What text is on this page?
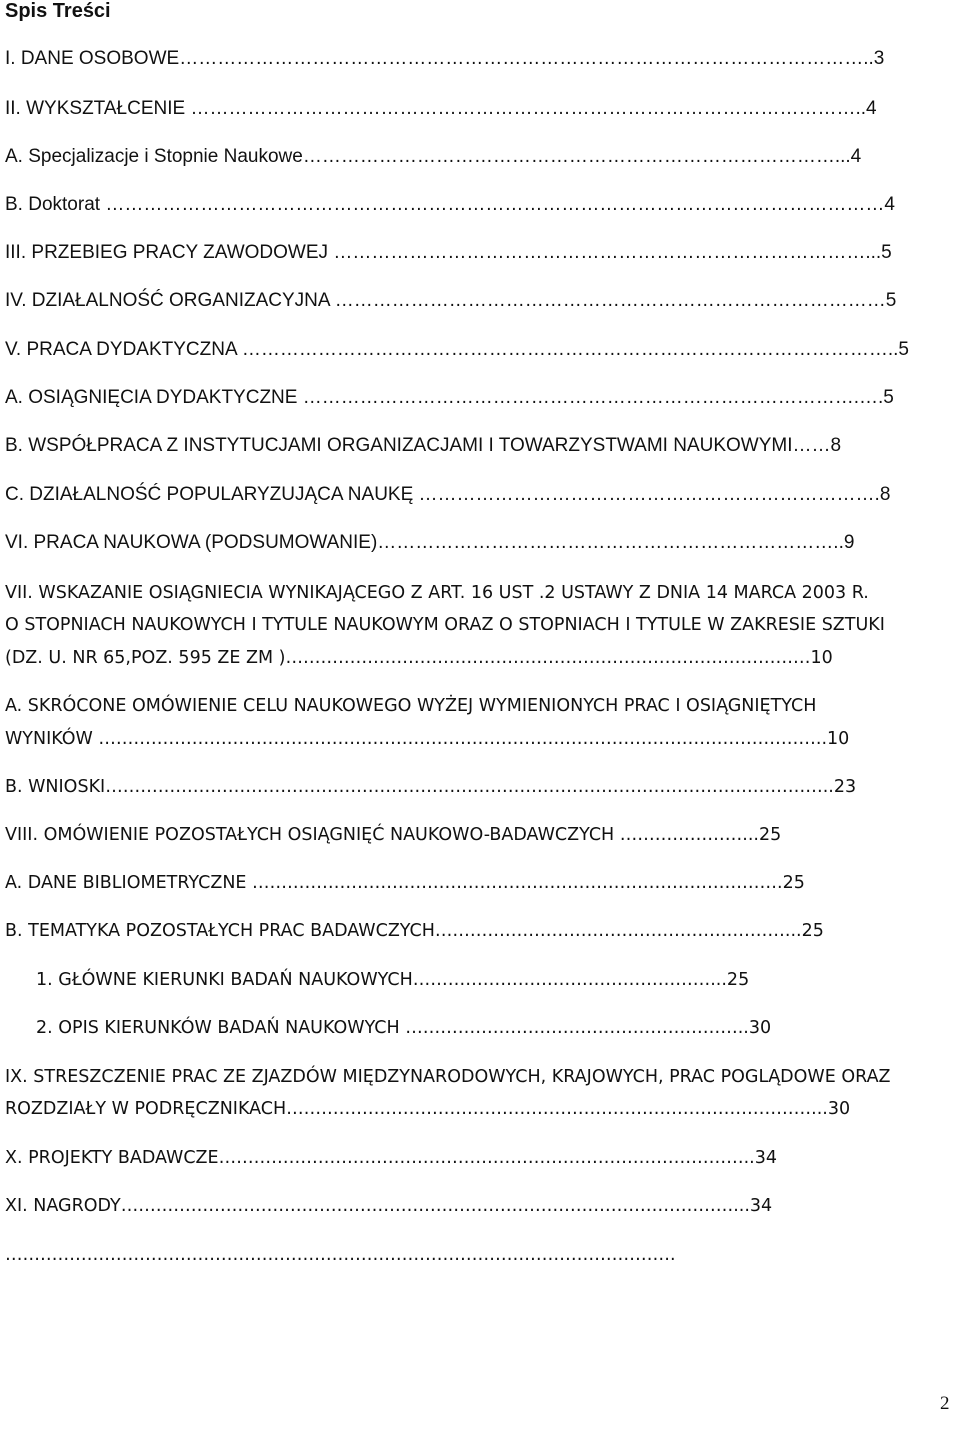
Spis Treści
I. DANE OSOBOWE………………………………………………………………………………………………..3
II. WYKSZTAŁCENIE ……………………………………………………………………………………………..4
A. Specjalizacje i Stopnie Naukowe…………………………………………………………………………...4
B. Doktorat ……………………………………………………………………………………………………………4
III. PRZEBIEG PRACY ZAWODOWEJ …………………………………………………………………………...5
IV. DZIAŁALNOŚĆ ORGANIZACYJNA ……………………………………………………………………………5
V. PRACA DYDAKTYCZNA …………………………………………………………………………………………..5
A. OSIĄGNIĘCIA DYDAKTYCZNE …………………………………………………………………………….….5
B. WSPÓŁPRACA Z INSTYTUCJAMI ORGANIZACJAMI I TOWARZYSTWAMI NAUKOWYMI……8
C. DZIAŁALNOŚĆ POPULARYZUJĄCA NAUKĘ ……………………………………………………………….8
VI. PRACA NAUKOWA (PODSUMOWANIE)………………………………………………………………..9
VII. WSKAZANIE OSIĄGNIECIA WYNIKAJĄCEGO Z ART. 16 UST .2 USTAWY Z DNIA 14 MARCA 2003 R.
O STOPNIACH NAUKOWYCH I TYTULE NAUKOWYM ORAZ O STOPNIACH I TYTULE W ZAKRESIE SZTUKI
(DZ. U. NR 65,POZ. 595 ZE ZM )………………………………………………………………………………10
A. SKRÓCONE OMÓWIENIE CELU NAUKOWEGO WYŻEJ WYMIENIONYCH PRAC I OSIĄGNIĘTYCH
WYNIKÓW ……………………………………………………………………………………………………………..10
B. WNIOSKI……………………………………………………………………………………………………………..23
VIII. OMÓWIENIE POZOSTAŁYCH OSIĄGNIĘĆ NAUKOWO-BADAWCZYCH …………………...25
A. DANE BIBLIOMETRYCZNE ……………………………………………………………………………….25
B. TEMATYKA POZOSTAŁYCH PRAC BADAWCZYCH……………………………………………………...25
1. GŁÓWNE KIERUNKI BADAŃ NAUKOWYCH……………………………………………...25
2. OPIS KIERUNKÓW BADAŃ NAUKOWYCH …………………………………………………..30
IX. STRESZCZENIE PRAC ZE ZJAZDÓW MIĘDZYNARODOWYCH, KRAJOWYCH, PRAC POGLĄDOWE ORAZ
ROZDZIAŁY W PODRĘCZNIKACH………………………………………………………………………………...30
X. PROJEKTY BADAWCZE………………………………………………………………………………..34
XI. NAGRODY……………………………………………………………………………………………...34
…………………………………………………………………………………………………….
2
